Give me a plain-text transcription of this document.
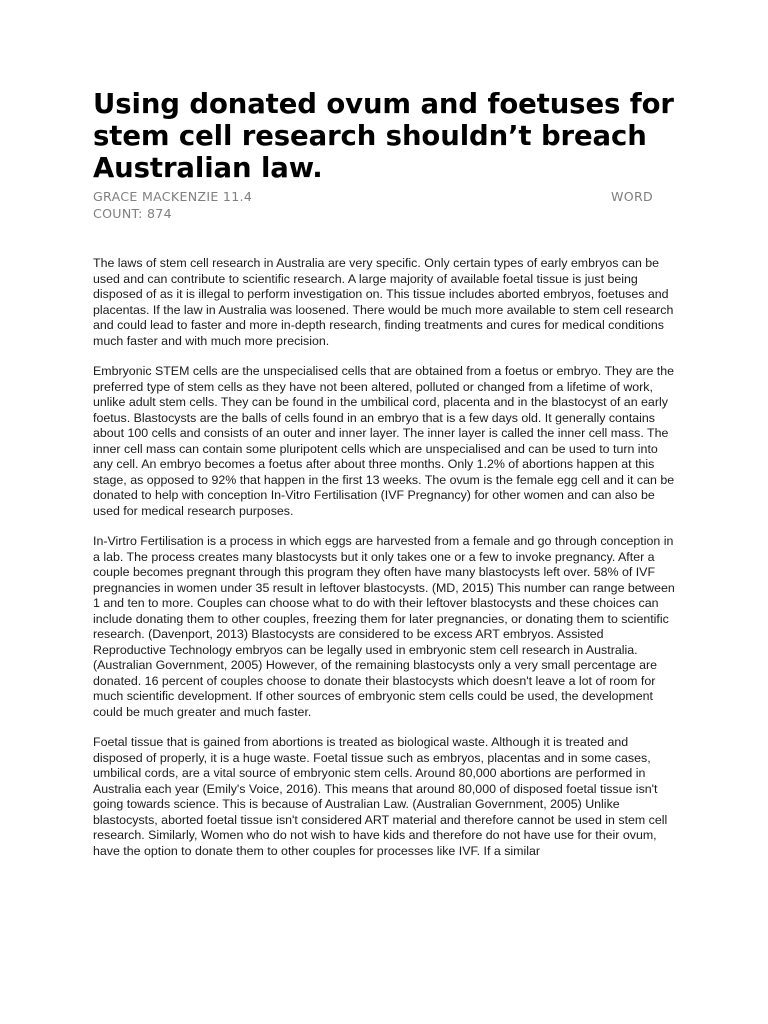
Using donated ovum and foetuses for stem cell research shouldn’t breach Australian law.
GRACE MACKENZIE 11.4	WORD
COUNT: 874

The laws of stem cell research in Australia are very specific. Only certain types of early embryos can be used and can contribute to scientific research. A large majority of available foetal tissue is just being disposed of as it is illegal to perform investigation on. This tissue includes aborted embryos, foetuses and placentas. If the law in Australia was loosened. There would be much more available to stem cell research and could lead to faster and more in-depth research, finding treatments and cures for medical conditions much faster and with much more precision.

Embryonic STEM cells are the unspecialised cells that are obtained from a foetus or embryo. They are the preferred type of stem cells as they have not been altered, polluted or changed from a lifetime of work, unlike adult stem cells. They can be found in the umbilical cord, placenta and in the blastocyst of an early foetus. Blastocysts are the balls of cells found in an embryo that is a few days old. It generally contains about 100 cells and consists of an outer and inner layer. The inner layer is called the inner cell mass. The inner cell mass can contain some pluripotent cells which are unspecialised and can be used to turn into any cell. An embryo becomes a foetus after about three months. Only 1.2% of abortions happen at this stage, as opposed to 92% that happen in the first 13 weeks. The ovum is the female egg cell and it can be donated to help with conception In-Vitro Fertilisation (IVF Pregnancy) for other women and can also be used for medical research purposes.

In-Virtro Fertilisation is a process in which eggs are harvested from a female and go through conception in a lab. The process creates many blastocysts but it only takes one or a few to invoke pregnancy. After a couple becomes pregnant through this program they often have many blastocysts left over. 58% of IVF pregnancies in women under 35 result in leftover blastocysts. (MD, 2015) This number can range between 1 and ten to more. Couples can choose what to do with their leftover blastocysts and these choices can include donating them to other couples, freezing them for later pregnancies, or donating them to scientific research. (Davenport, 2013) Blastocysts are considered to be excess ART embryos. Assisted Reproductive Technology embryos can be legally used in embryonic stem cell research in Australia. (Australian Government, 2005) However, of the remaining blastocysts only a very small percentage are donated. 16 percent of couples choose to donate their blastocysts which doesn't leave a lot of room for much scientific development. If other sources of embryonic stem cells could be used, the development could be much greater and much faster.

Foetal tissue that is gained from abortions is treated as biological waste. Although it is treated and disposed of properly, it is a huge waste. Foetal tissue such as embryos, placentas and in some cases, umbilical cords, are a vital source of embryonic stem cells. Around 80,000 abortions are performed in Australia each year (Emily's Voice, 2016). This means that around 80,000 of disposed foetal tissue isn't going towards science. This is because of Australian Law. (Australian Government, 2005) Unlike blastocysts, aborted foetal tissue isn't considered ART material and therefore cannot be used in stem cell research. Similarly, Women who do not wish to have kids and therefore do not have use for their ovum, have the option to donate them to other couples for processes like IVF. If a similar
